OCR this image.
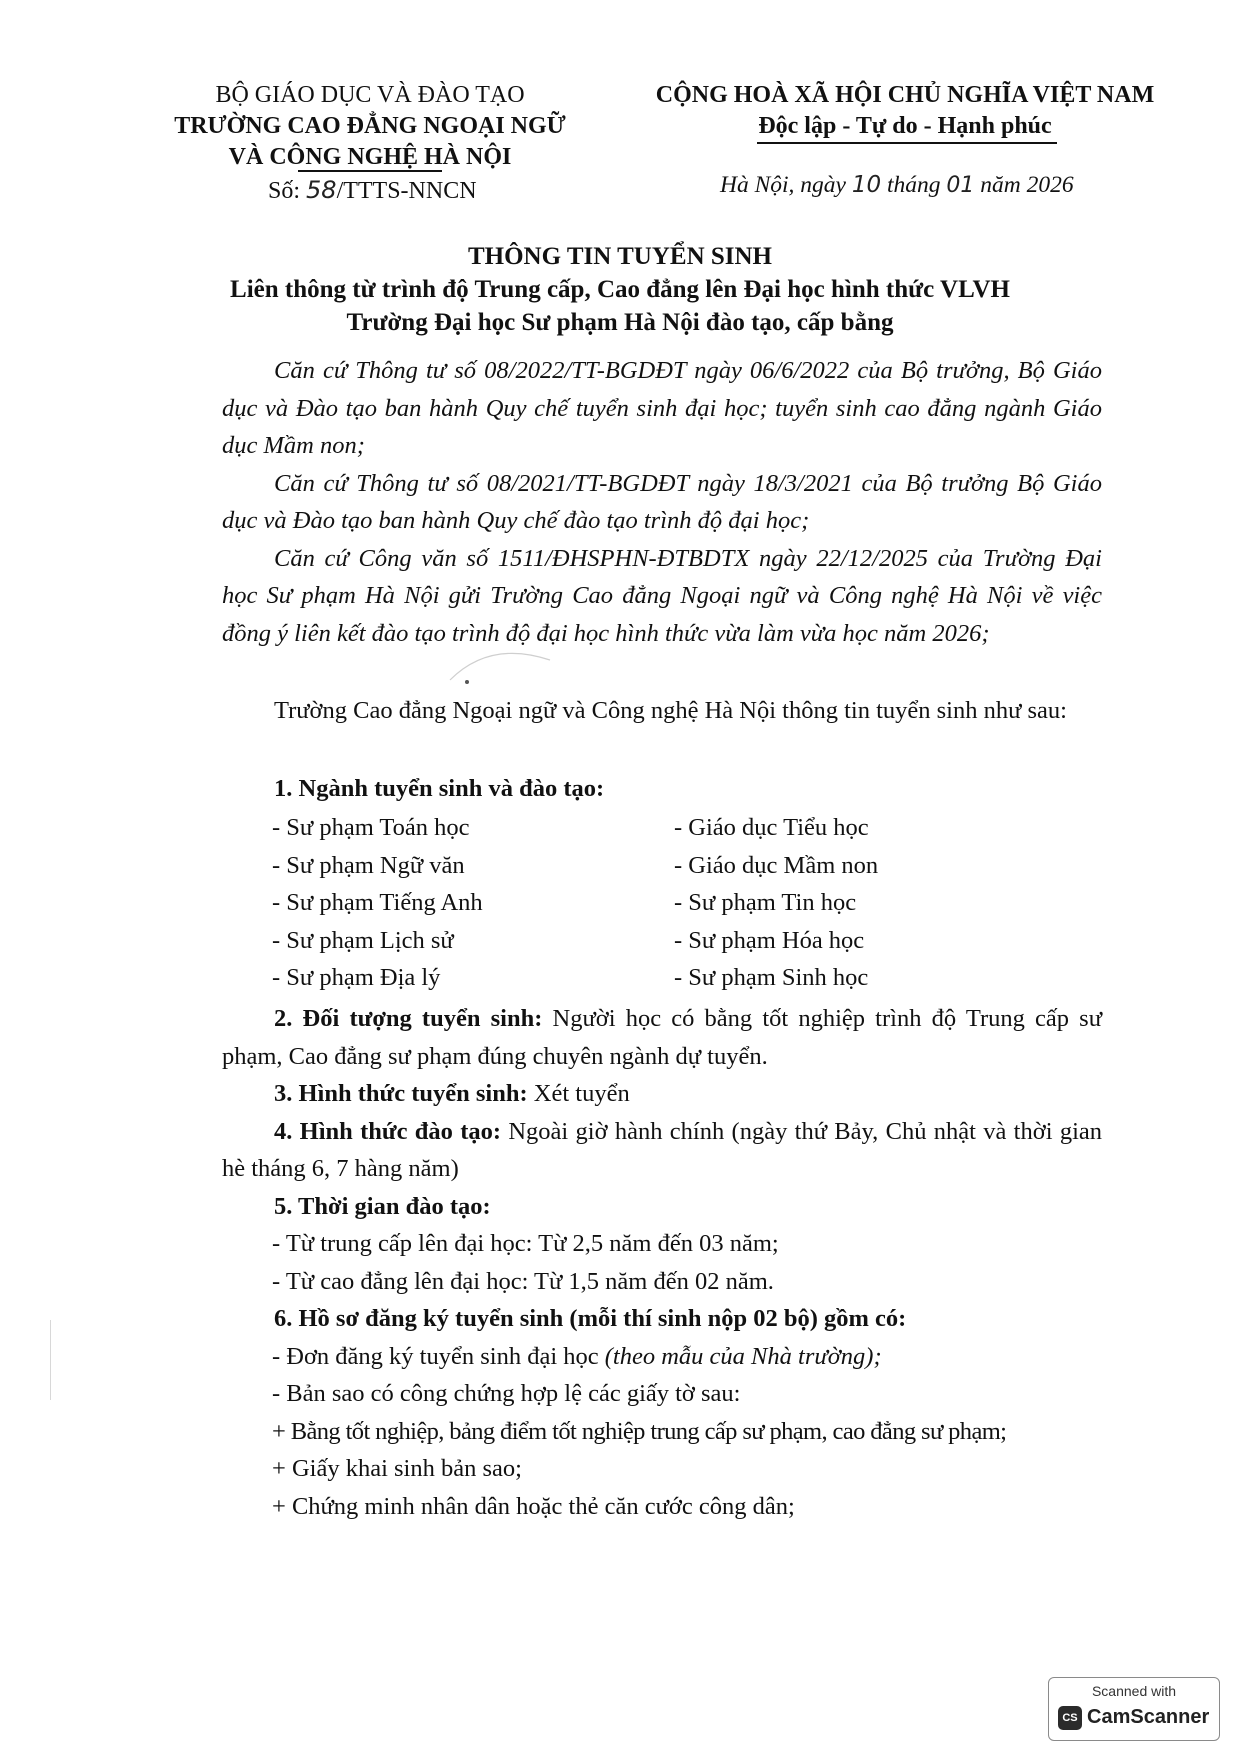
BỘ GIÁO DỤC VÀ ĐÀO TẠO
TRƯỜNG CAO ĐẲNG NGOẠI NGỮ
VÀ CÔNG NGHỆ HÀ NỘI
Số: 58/TTTS-NNCN
CỘNG HOÀ XÃ HỘI CHỦ NGHĨA VIỆT NAM
Độc lập - Tự do - Hạnh phúc
Hà Nội, ngày 10 tháng 01 năm 2026
THÔNG TIN TUYỂN SINH
Liên thông từ trình độ Trung cấp, Cao đẳng lên Đại học hình thức VLVH
Trường Đại học Sư phạm Hà Nội đào tạo, cấp bằng
Căn cứ Thông tư số 08/2022/TT-BGDĐT ngày 06/6/2022 của Bộ trưởng, Bộ Giáo dục và Đào tạo ban hành Quy chế tuyển sinh đại học; tuyển sinh cao đẳng ngành Giáo dục Mầm non;
Căn cứ Thông tư số 08/2021/TT-BGDĐT ngày 18/3/2021 của Bộ trưởng Bộ Giáo dục và Đào tạo ban hành Quy chế đào tạo trình độ đại học;
Căn cứ Công văn số 1511/ĐHSPHN-ĐTBDTX ngày 22/12/2025 của Trường Đại học Sư phạm Hà Nội gửi Trường Cao đẳng Ngoại ngữ và Công nghệ Hà Nội về việc đồng ý liên kết đào tạo trình độ đại học hình thức vừa làm vừa học năm 2026;
Trường Cao đẳng Ngoại ngữ và Công nghệ Hà Nội thông tin tuyển sinh như sau:
1. Ngành tuyển sinh và đào tạo:
- Sư phạm Toán học
- Sư phạm Ngữ văn
- Sư phạm Tiếng Anh
- Sư phạm Lịch sử
- Sư phạm Địa lý
- Giáo dục Tiểu học
- Giáo dục Mầm non
- Sư phạm Tin học
- Sư phạm Hóa học
- Sư phạm Sinh học
2. Đối tượng tuyển sinh: Người học có bằng tốt nghiệp trình độ Trung cấp sư phạm, Cao đẳng sư phạm đúng chuyên ngành dự tuyển.
3. Hình thức tuyển sinh: Xét tuyển
4. Hình thức đào tạo: Ngoài giờ hành chính (ngày thứ Bảy, Chủ nhật và thời gian hè tháng 6, 7 hàng năm)
5. Thời gian đào tạo:
- Từ trung cấp lên đại học: Từ 2,5 năm đến 03 năm;
- Từ cao đẳng lên đại học: Từ 1,5 năm đến 02 năm.
6. Hồ sơ đăng ký tuyển sinh (mỗi thí sinh nộp 02 bộ) gồm có:
- Đơn đăng ký tuyển sinh đại học (theo mẫu của Nhà trường);
- Bản sao có công chứng hợp lệ các giấy tờ sau:
+ Bằng tốt nghiệp, bảng điểm tốt nghiệp trung cấp sư phạm, cao đẳng sư phạm;
+ Giấy khai sinh bản sao;
+ Chứng minh nhân dân hoặc thẻ căn cước công dân;
Scanned with
CS CamScanner
